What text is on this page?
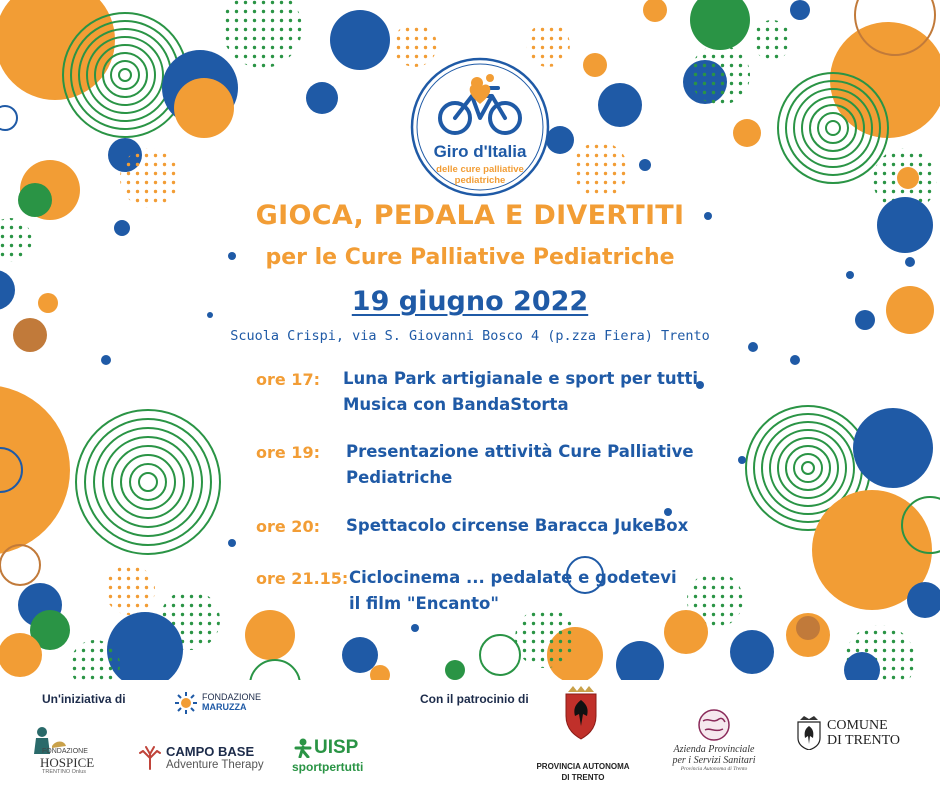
Giro d'Italia
delle cure palliative
pediatriche
GIOCA, PEDALA E DIVERTITI
per le Cure Palliative Pediatriche
19 giugno 2022
Scuola Crispi, via S. Giovanni Bosco 4 (p.zza Fiera) Trento
ore 17: Luna Park artigianale e sport per tutti
Musica con BandaStorta
ore 19: Presentazione attività Cure Palliative
Pediatriche
ore 20: Spettacolo circense Baracca JukeBox
ore 21.15: Ciclocinema ... pedalate e godetevi
il film "Encanto"
Un'iniziativa di	Con il patrocinio di
FONDAZIONE
MARUZZA
FONDAZIONE
HOSPICE
TRENTINO Onlus
CAMPO BASE
Adventure Therapy
UISP
sportpertutti	PROVINCIA AUTONOMA
DI TRENTO
Azienda Provinciale
per i Servizi Sanitari
Provincia Autonoma di Trento
COMUNE
DI TRENTO
